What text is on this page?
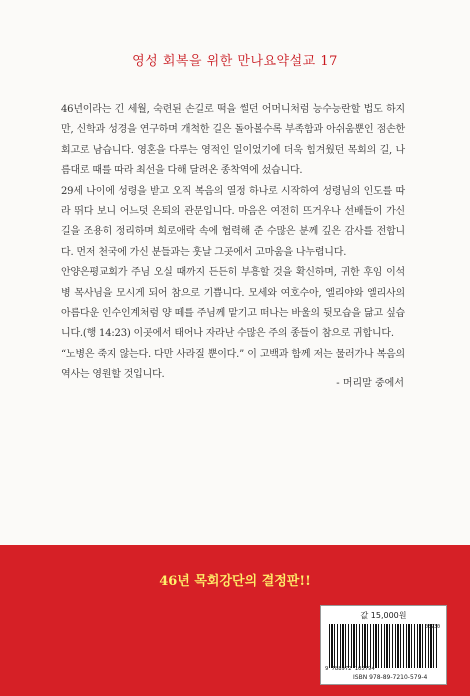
영성 회복을 위한 만나요약설교 17

46년이라는 긴 세월, 숙련된 손길로 떡을 썰던 어머니처럼 능수능란할 법도 하지만, 신학과 성경을 연구하며 개척한 길은 돌아볼수록 부족함과 아쉬움뿐인 점손한 회고로 남습니다. 영혼을 다루는 영적인 일이었기에 더욱 힘겨웠던 목회의 길, 나름대로 때를 따라 최선을 다해 달려온 종착역에 섰습니다.

29세 나이에 성령을 받고 오직 복음의 열정 하나로 시작하여 성령님의 인도를 따라 뛰다 보니 어느덧 은퇴의 관문입니다. 마음은 여전히 뜨거우나 선배들이 가신 길을 조용히 정리하며 희로애락 속에 협력해 준 수많은 분께 깊은 감사를 전합니다. 먼저 천국에 가신 분들과는 훗날 그곳에서 고마움을 나누렵니다.

안양은평교회가 주님 오실 때까지 든든히 부흥할 것을 확신하며, 귀한 후임 이석병 목사님을 모시게 되어 참으로 기쁩니다. 모세와 여호수아, 엘리야와 엘리사의 아름다운 인수인계처럼 양 떼를 주님께 맡기고 떠나는 바울의 뒷모습을 닮고 싶습니다.(행 14:23) 이곳에서 태어나 자라난 수많은 주의 종들이 참으로 귀합니다.

“노병은 죽지 않는다. 다만 사라질 뿐이다.” 이 고백과 함께 저는 물러가나 복음의 역사는 영원할 것입니다.

- 머리말 중에서
46년 목회강단의 결정판!!
값 15,000원
03230
9 788972 105794
ISBN 978-89-7210-579-4
